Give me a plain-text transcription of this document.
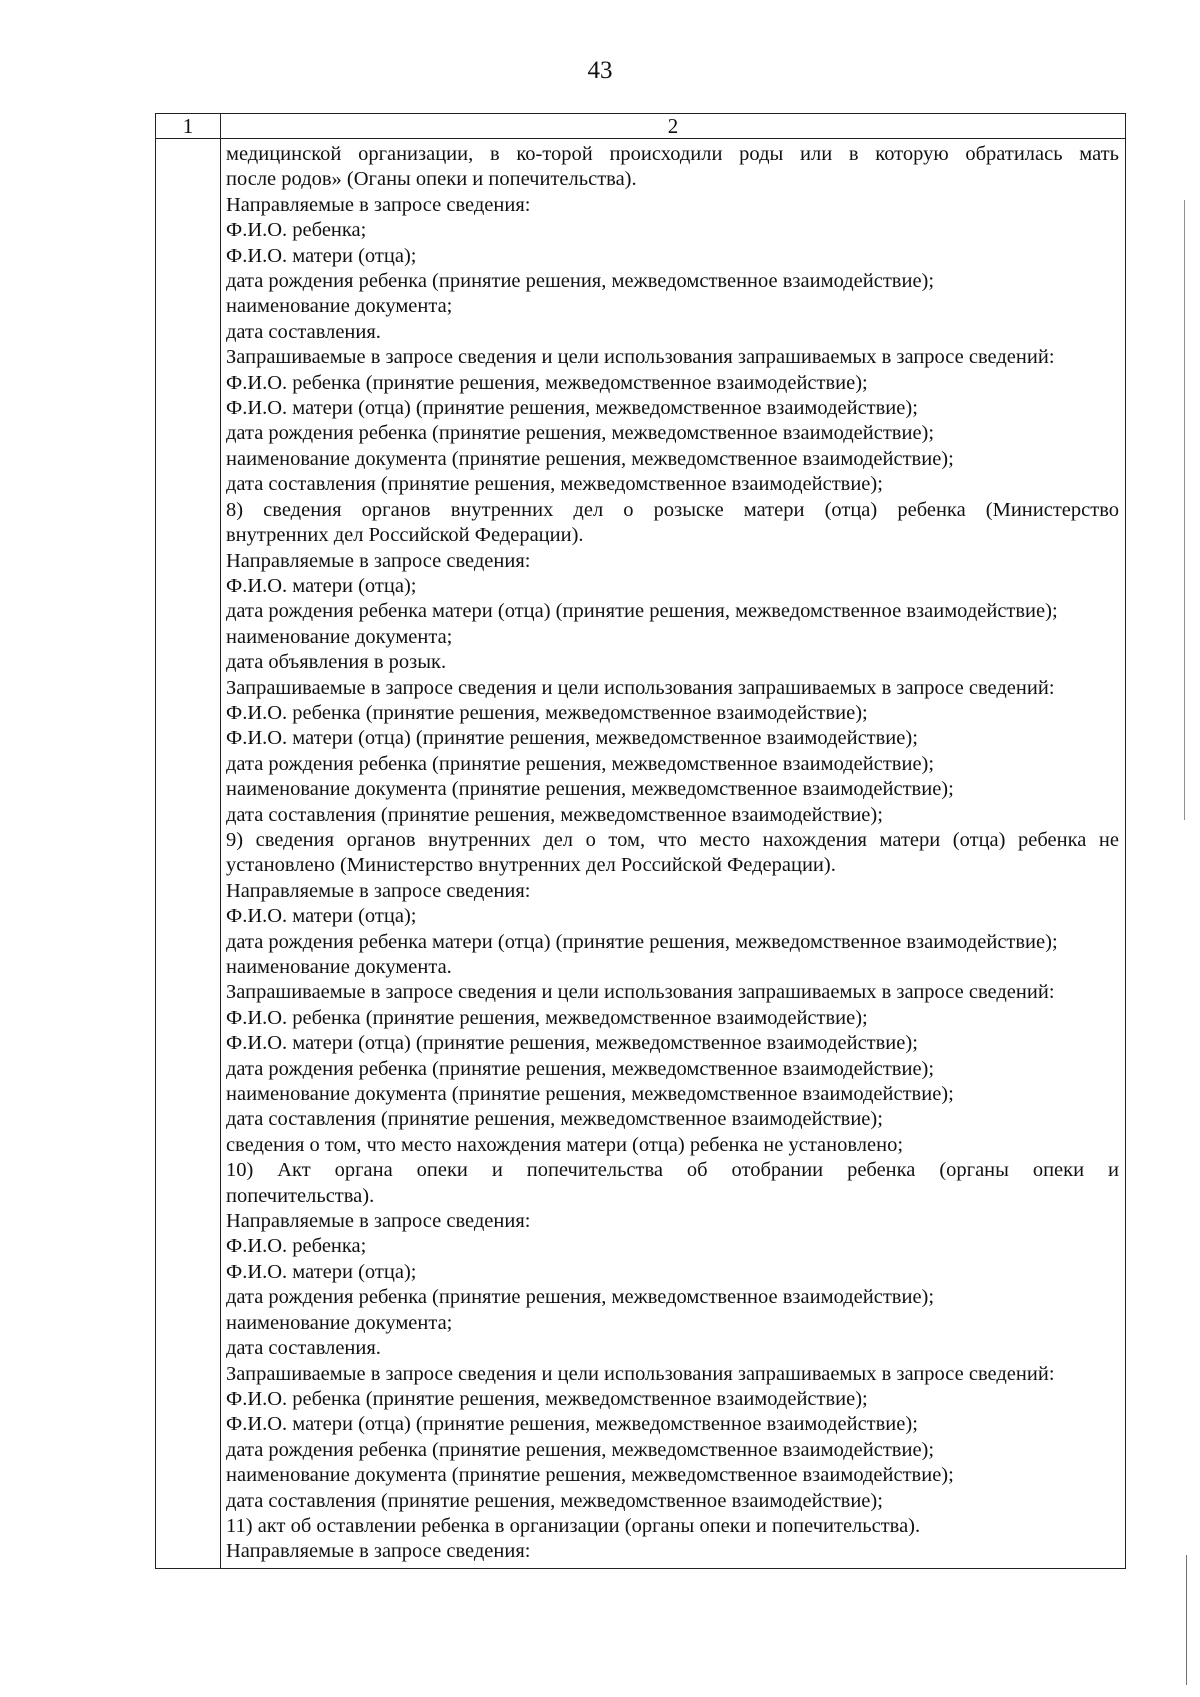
43
1	2
медицинской организации, в ко-торой происходили роды или в которую обратилась мать
после родов» (Оганы опеки и попечительства).
Направляемые в запросе сведения:
Ф.И.О. ребенка;
Ф.И.О. матери (отца);
дата рождения ребенка (принятие решения, межведомственное взаимодействие);
наименование документа;
дата составления.
Запрашиваемые в запросе сведения и цели использования запрашиваемых в запросе сведений:
Ф.И.О. ребенка (принятие решения, межведомственное взаимодействие);
Ф.И.О. матери (отца) (принятие решения, межведомственное взаимодействие);
дата рождения ребенка (принятие решения, межведомственное взаимодействие);
наименование документа (принятие решения, межведомственное взаимодействие);
дата составления (принятие решения, межведомственное взаимодействие);
8) сведения органов внутренних дел о розыске матери (отца) ребенка (Министерство
внутренних дел Российской Федерации).
Направляемые в запросе сведения:
Ф.И.О. матери (отца);
дата рождения ребенка матери (отца) (принятие решения, межведомственное взаимодействие);
наименование документа;
дата объявления в розык.
Запрашиваемые в запросе сведения и цели использования запрашиваемых в запросе сведений:
Ф.И.О. ребенка (принятие решения, межведомственное взаимодействие);
Ф.И.О. матери (отца) (принятие решения, межведомственное взаимодействие);
дата рождения ребенка (принятие решения, межведомственное взаимодействие);
наименование документа (принятие решения, межведомственное взаимодействие);
дата составления (принятие решения, межведомственное взаимодействие);
9) сведения органов внутренних дел о том, что место нахождения матери (отца) ребенка не
установлено (Министерство внутренних дел Российской Федерации).
Направляемые в запросе сведения:
Ф.И.О. матери (отца);
дата рождения ребенка матери (отца) (принятие решения, межведомственное взаимодействие);
наименование документа.
Запрашиваемые в запросе сведения и цели использования запрашиваемых в запросе сведений:
Ф.И.О. ребенка (принятие решения, межведомственное взаимодействие);
Ф.И.О. матери (отца) (принятие решения, межведомственное взаимодействие);
дата рождения ребенка (принятие решения, межведомственное взаимодействие);
наименование документа (принятие решения, межведомственное взаимодействие);
дата составления (принятие решения, межведомственное взаимодействие);
сведения о том, что место нахождения матери (отца) ребенка не установлено;
10) Акт органа опеки и попечительства об отобрании ребенка (органы опеки и
попечительства).
Направляемые в запросе сведения:
Ф.И.О. ребенка;
Ф.И.О. матери (отца);
дата рождения ребенка (принятие решения, межведомственное взаимодействие);
наименование документа;
дата составления.
Запрашиваемые в запросе сведения и цели использования запрашиваемых в запросе сведений:
Ф.И.О. ребенка (принятие решения, межведомственное взаимодействие);
Ф.И.О. матери (отца) (принятие решения, межведомственное взаимодействие);
дата рождения ребенка (принятие решения, межведомственное взаимодействие);
наименование документа (принятие решения, межведомственное взаимодействие);
дата составления (принятие решения, межведомственное взаимодействие);
11) акт об оставлении ребенка в организации (органы опеки и попечительства).
Направляемые в запросе сведения:
